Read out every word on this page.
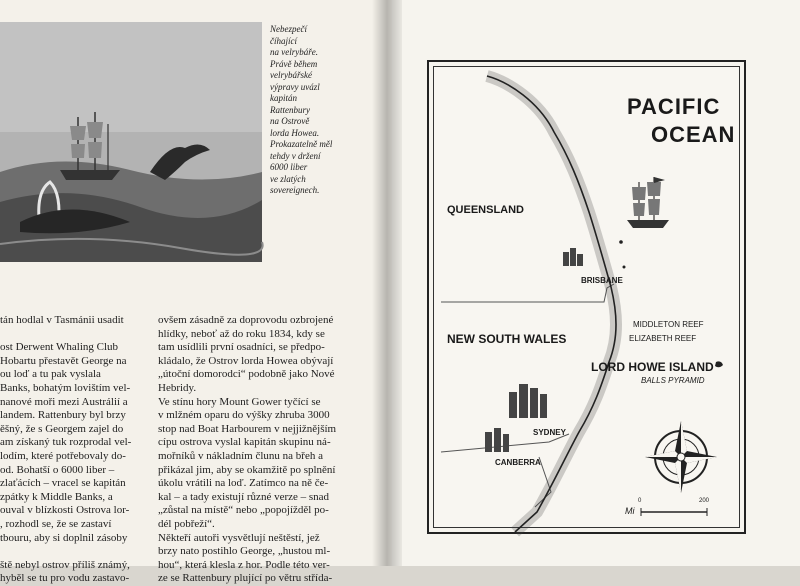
Nebezpečí
číhající
na velrybáře.
Právě během
velrybářské
výpravy uvázl
kapitán
Rattenbury
na Ostrově
lorda Howea.
Prokazatelně měl
tehdy v držení
6000 liber
ve zlatých
sovereignech.
tán hodlal v Tasmánii usadit

ost Derwent Whaling Club
Hobartu přestavět George na
ou loď a tu pak vyslala
Banks, bohatým lovištím vel-
nanové moři mezi Austrálií a
landem. Rattenbury byl brzy
ěšný, že s Georgem zajel do
am získaný tuk rozprodal vel-
lodím, které potřebovaly do-
od. Bohatší o 6000 liber –
zlaťácích – vracel se kapitán
zpátky k Middle Banks, a
ouval v blízkosti Ostrova lor-
, rozhodl se, že se zastaví
tbouru, aby si doplnil zásoby

ště nebyl ostrov příliš známý,
hyběl se tu pro vodu zastavo-
ovšem zásadně za doprovodu ozbrojené
hlídky, neboť až do roku 1834, kdy se
tam usídlili první osadníci, se předpo-
kládalo, že Ostrov lorda Howea obývají
„útoční domorodci“ podobně jako Nové
Hebridy.
Ve stínu hory Mount Gower tyčící se
v mlžném oparu do výšky zhruba 3000
stop nad Boat Harbourem v nejjižnějším
cípu ostrova vyslal kapitán skupinu ná-
mořníků v nákladním člunu na břeh a
přikázal jim, aby se okamžitě po splnění
úkolu vrátili na loď. Zatímco na ně če-
kal – a tady existují různé verze – snad
„zůstal na místě“ nebo „popojížděl po-
dél pobřeží“.
Někteří autoři vysvětlují neštěstí, jež
brzy nato postihlo George, „hustou ml-
hou“, která klesla z hor. Podle této ver-
ze se Rattenbury plující po větru střída-
PACIFIC
OCEAN
QUEENSLAND
BRISBANE
NEW SOUTH WALES
MIDDLETON REEF
ELIZABETH REEF
LORD HOWE ISLAND
BALLS PYRAMID
SYDNEY
CANBERRA
Mi
0	200
